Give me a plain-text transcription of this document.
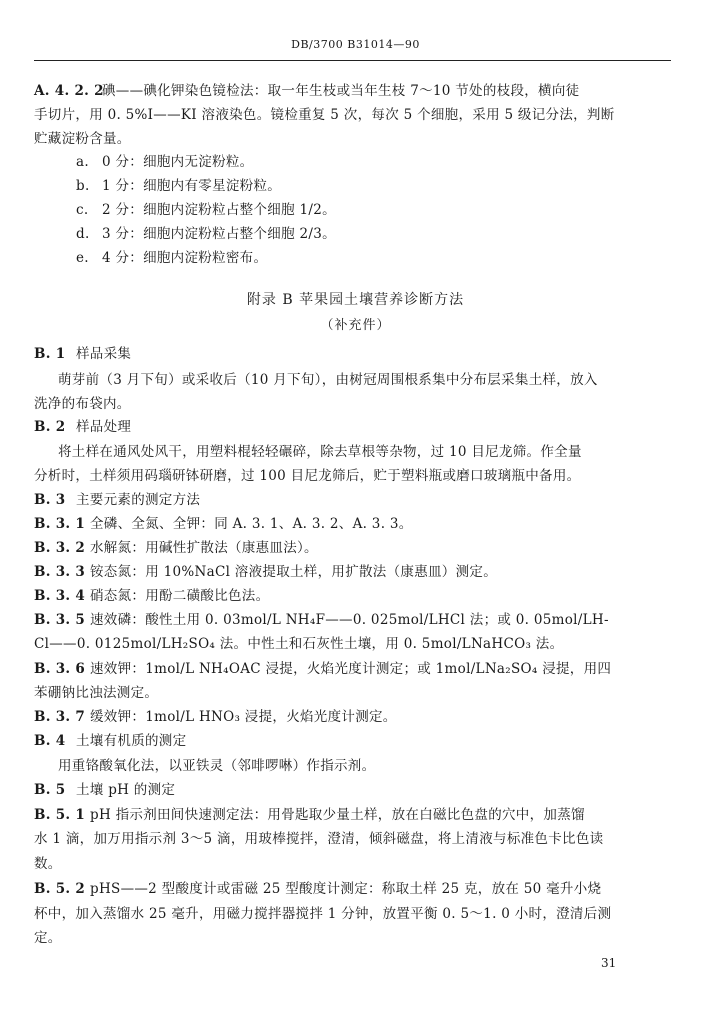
DB/3700 B31014—90
A. 4. 2. 2碘——碘化钾染色镜检法：取一年生枝或当年生枝 7～10 节处的枝段，横向徒
手切片，用 0. 5%I——KI 溶液染色。镜检重复 5 次，每次 5 个细胞，采用 5 级记分法，判断
贮藏淀粉含量。
a. 0 分：细胞内无淀粉粒。
b. 1 分：细胞内有零星淀粉粒。
c. 2 分：细胞内淀粉粒占整个细胞 1/2。
d. 3 分：细胞内淀粉粒占整个细胞 2/3。
e. 4 分：细胞内淀粉粒密布。
附录 B 苹果园土壤营养诊断方法
（补充件）
B. 1 样品采集
萌芽前（3 月下旬）或采收后（10 月下旬），由树冠周围根系集中分布层采集土样，放入
洗净的布袋内。
B. 2 样品处理
将土样在通风处风干，用塑料棍轻轻碾碎，除去草根等杂物，过 10 目尼龙筛。作全量
分析时，土样须用码瑙研钵研磨，过 100 目尼龙筛后，贮于塑料瓶或磨口玻璃瓶中备用。
B. 3 主要元素的测定方法
B. 3. 1 全磷、全氮、全钾：同 A. 3. 1、A. 3. 2、A. 3. 3。
B. 3. 2 水解氮：用碱性扩散法（康惠皿法）。
B. 3. 3 铵态氮：用 10%NaCl 溶液提取土样，用扩散法（康惠皿）测定。
B. 3. 4 硝态氮：用酚二磺酸比色法。
B. 3. 5 速效磷：酸性土用 0. 03mol/L NH₄F——0. 025mol/LHCl 法；或 0. 05mol/LH-
Cl——0. 0125mol/LH₂SO₄ 法。中性土和石灰性土壤，用 0. 5mol/LNaHCO₃ 法。
B. 3. 6 速效钾：1mol/L NH₄OAC 浸提，火焰光度计测定；或 1mol/LNa₂SO₄ 浸提，用四
苯硼钠比浊法测定。
B. 3. 7 缓效钾：1mol/L HNO₃ 浸提，火焰光度计测定。
B. 4 土壤有机质的测定
用重铬酸氧化法，以亚铁灵（邻啡啰啉）作指示剂。
B. 5 土壤 pH 的测定
B. 5. 1 pH 指示剂田间快速测定法：用骨匙取少量土样，放在白磁比色盘的穴中，加蒸馏
水 1 滴，加万用指示剂 3～5 滴，用玻棒搅拌，澄清，倾斜磁盘，将上清液与标准色卡比色读
数。
B. 5. 2 pHS——2 型酸度计或雷磁 25 型酸度计测定：称取土样 25 克，放在 50 毫升小烧
杯中，加入蒸馏水 25 毫升，用磁力搅拌器搅拌 1 分钟，放置平衡 0. 5～1. 0 小时，澄清后测
定。
31
